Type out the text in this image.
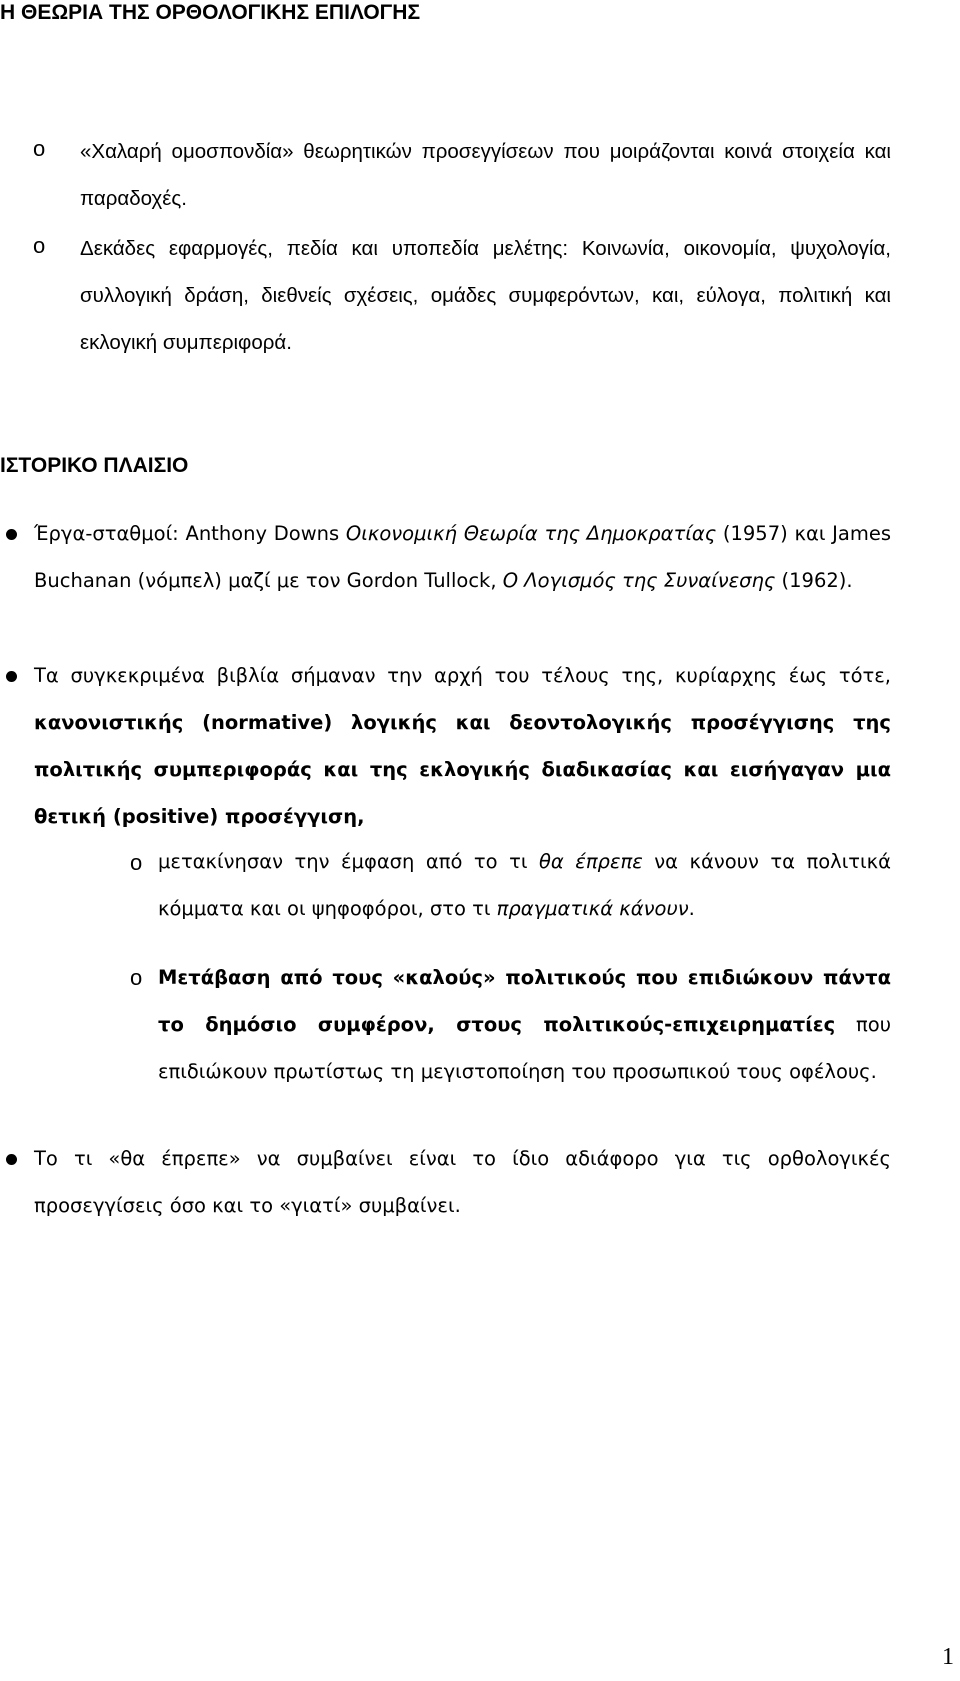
Η ΘΕΩΡΙΑ ΤΗΣ ΟΡΘΟΛΟΓΙΚΗΣ ΕΠΙΛΟΓΗΣ
o «Χαλαρή ομοσπονδία» θεωρητικών προσεγγίσεων που μοιράζονται κοινά στοιχεία και παραδοχές.
o Δεκάδες εφαρμογές, πεδία και υποπεδία μελέτης: Κοινωνία, οικονομία, ψυχολογία, συλλογική δράση, διεθνείς σχέσεις, ομάδες συμφερόντων, και, εύλογα, πολιτική και εκλογική συμπεριφορά.
ΙΣΤΟΡΙΚΟ ΠΛΑΙΣΙΟ
Έργα-σταθμοί: Anthony Downs Οικονομική Θεωρία της Δημοκρατίας (1957) και James Buchanan (νόμπελ) μαζί με τον Gordon Tullock, Ο Λογισμός της Συναίνεσης (1962).
Τα συγκεκριμένα βιβλία σήμαναν την αρχή του τέλους της, κυρίαρχης έως τότε, κανονιστικής (normative) λογικής και δεοντολογικής προσέγγισης της πολιτικής συμπεριφοράς και της εκλογικής διαδικασίας και εισήγαγαν μια θετική (positive) προσέγγιση,
o μετακίνησαν την έμφαση από το τι θα έπρεπε να κάνουν τα πολιτικά κόμματα και οι ψηφοφόροι, στο τι πραγματικά κάνουν.
o Μετάβαση από τους «καλούς» πολιτικούς που επιδιώκουν πάντα το δημόσιο συμφέρον, στους πολιτικούς-επιχειρηματίες που επιδιώκουν πρωτίστως τη μεγιστοποίηση του προσωπικού τους οφέλους.
Το τι «θα έπρεπε» να συμβαίνει είναι το ίδιο αδιάφορο για τις ορθολογικές προσεγγίσεις όσο και το «γιατί» συμβαίνει.
1
